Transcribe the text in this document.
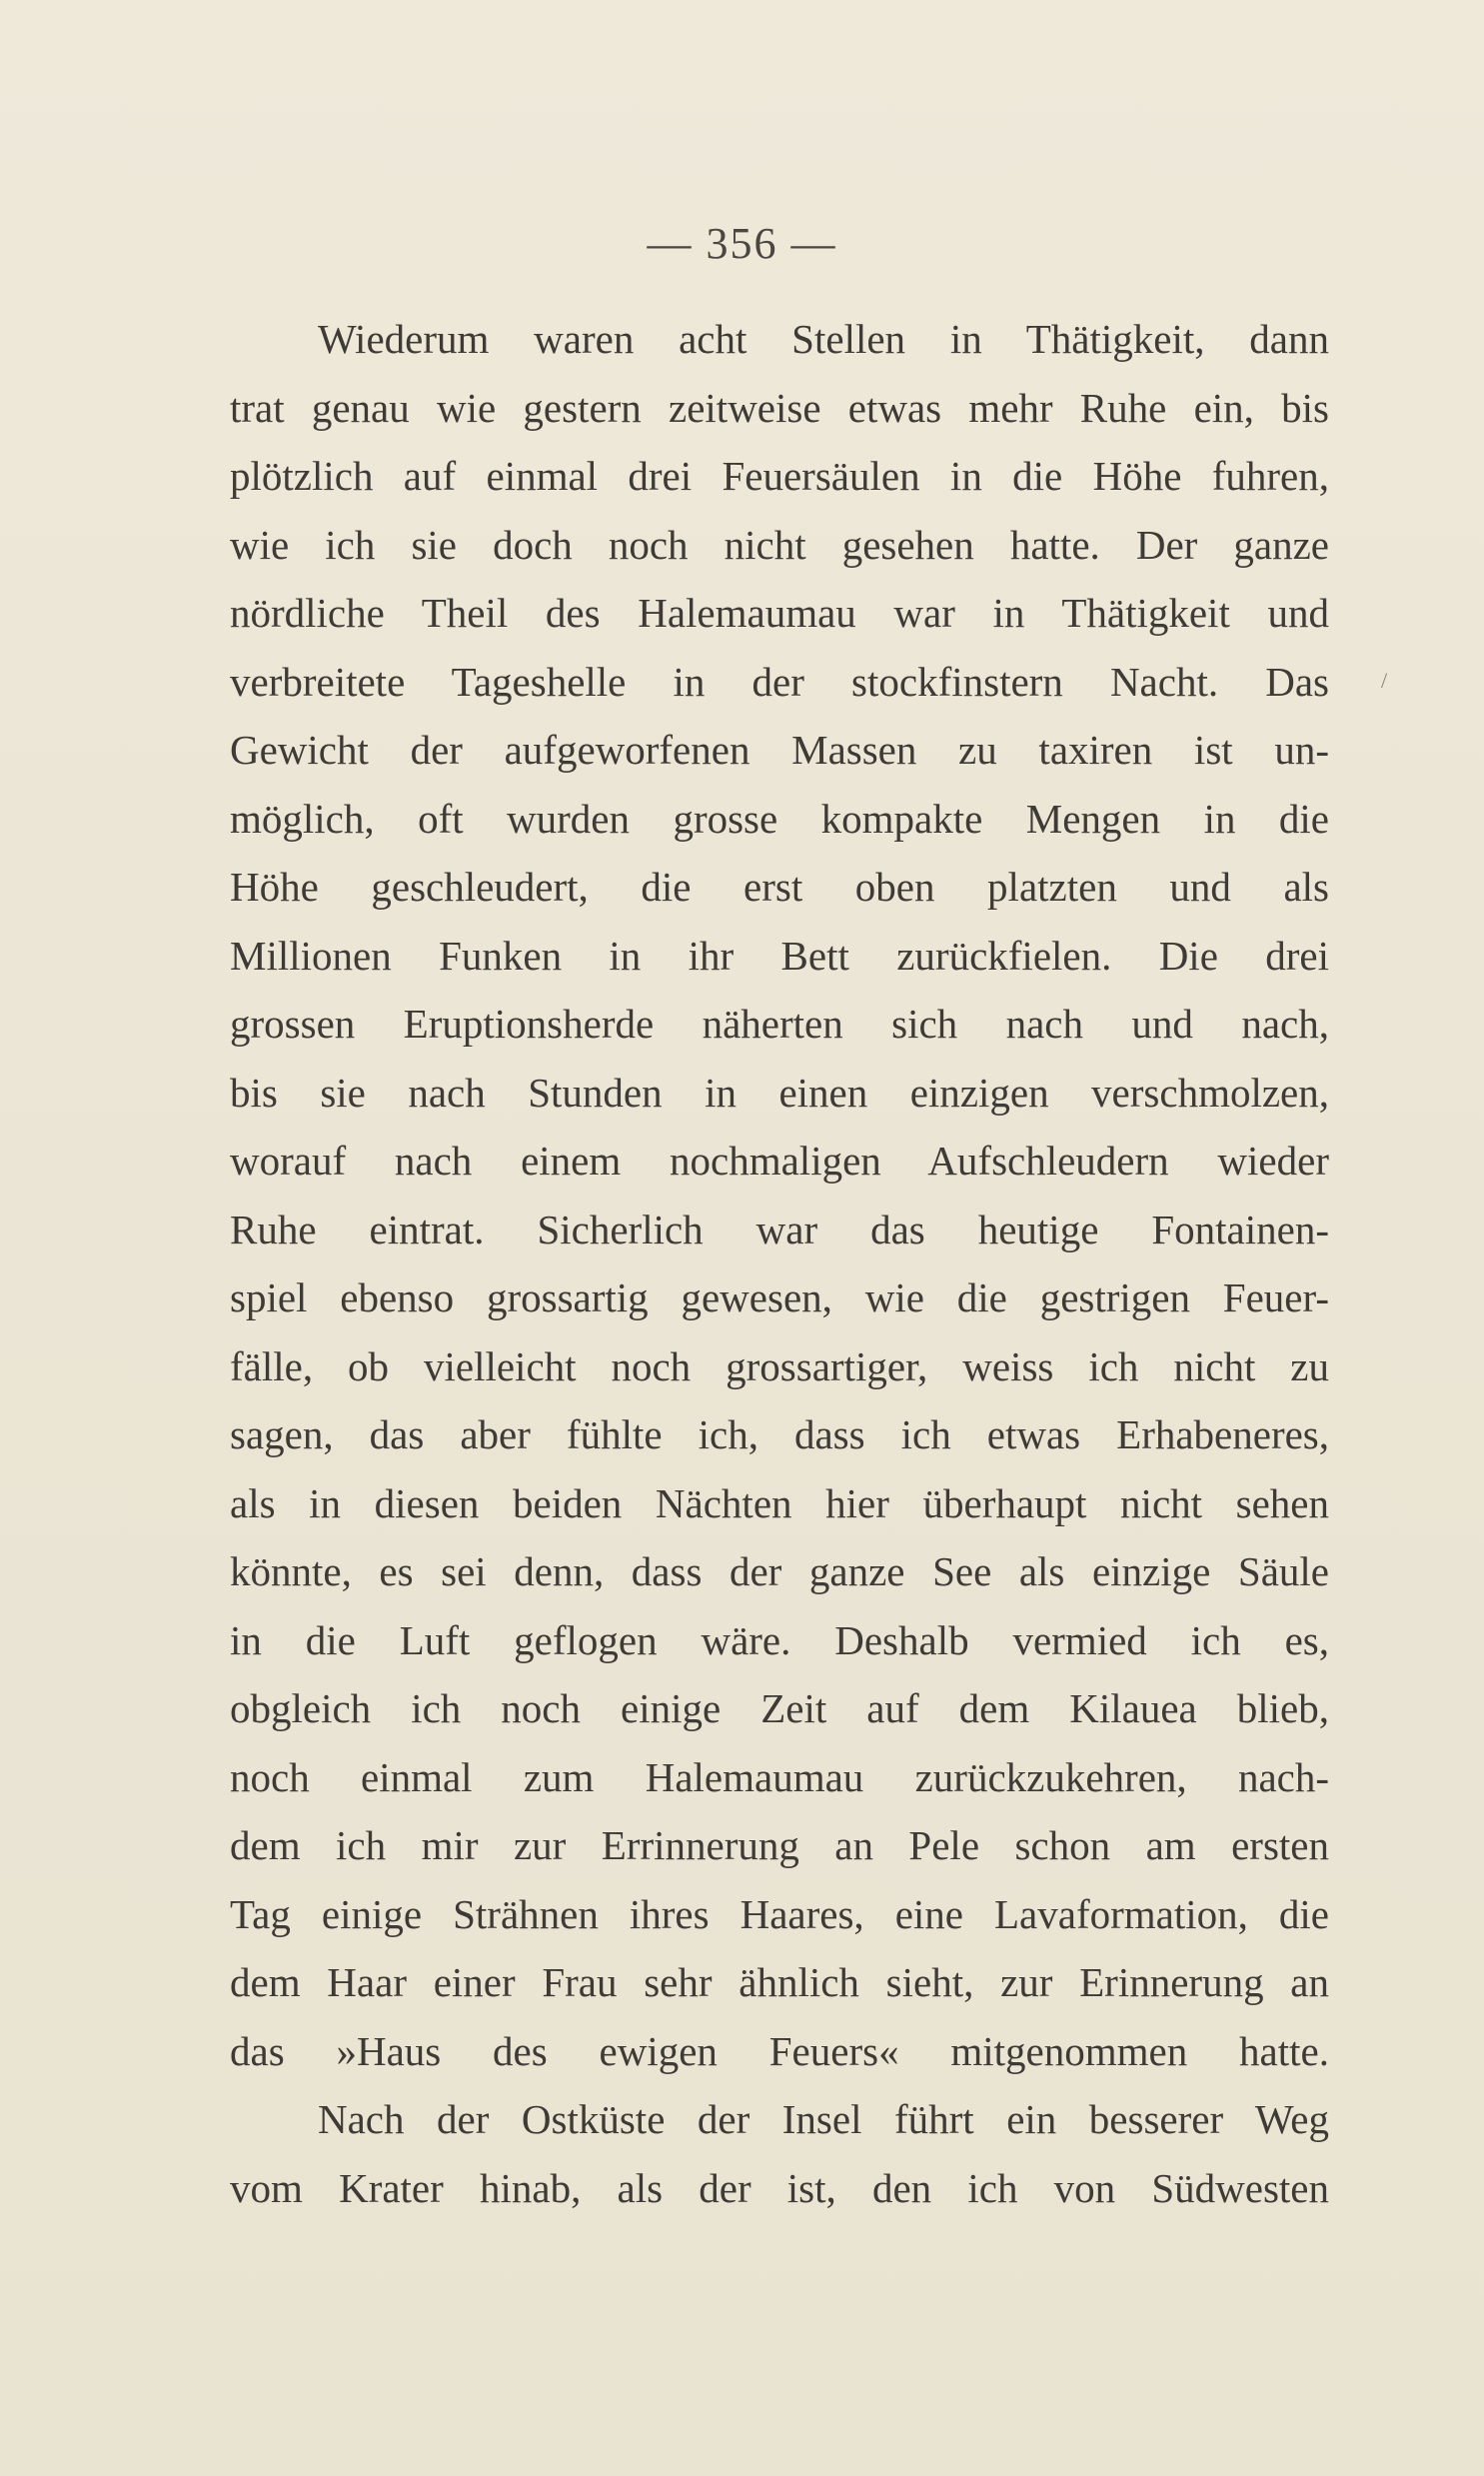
— 356 —
/
Wiederum waren acht Stellen in Thätigkeit, dann
trat genau wie gestern zeitweise etwas mehr Ruhe ein, bis
plötzlich auf einmal drei Feuersäulen in die Höhe fuhren,
wie ich sie doch noch nicht gesehen hatte. Der ganze
nördliche Theil des Halemaumau war in Thätigkeit und
verbreitete Tageshelle in der stockfinstern Nacht. Das
Gewicht der aufgeworfenen Massen zu taxiren ist un-
möglich, oft wurden grosse kompakte Mengen in die
Höhe geschleudert, die erst oben platzten und als
Millionen Funken in ihr Bett zurückfielen. Die drei
grossen Eruptionsherde näherten sich nach und nach,
bis sie nach Stunden in einen einzigen verschmolzen,
worauf nach einem nochmaligen Aufschleudern wieder
Ruhe eintrat. Sicherlich war das heutige Fontainen-
spiel ebenso grossartig gewesen, wie die gestrigen Feuer-
fälle, ob vielleicht noch grossartiger, weiss ich nicht zu
sagen, das aber fühlte ich, dass ich etwas Erhabeneres,
als in diesen beiden Nächten hier überhaupt nicht sehen
könnte, es sei denn, dass der ganze See als einzige Säule
in die Luft geflogen wäre. Deshalb vermied ich es,
obgleich ich noch einige Zeit auf dem Kilauea blieb,
noch einmal zum Halemaumau zurückzukehren, nach-
dem ich mir zur Errinnerung an Pele schon am ersten
Tag einige Strähnen ihres Haares, eine Lavaformation, die
dem Haar einer Frau sehr ähnlich sieht, zur Erinnerung an
das »Haus des ewigen Feuers« mitgenommen hatte.
Nach der Ostküste der Insel führt ein besserer Weg
vom Krater hinab, als der ist, den ich von Südwesten
